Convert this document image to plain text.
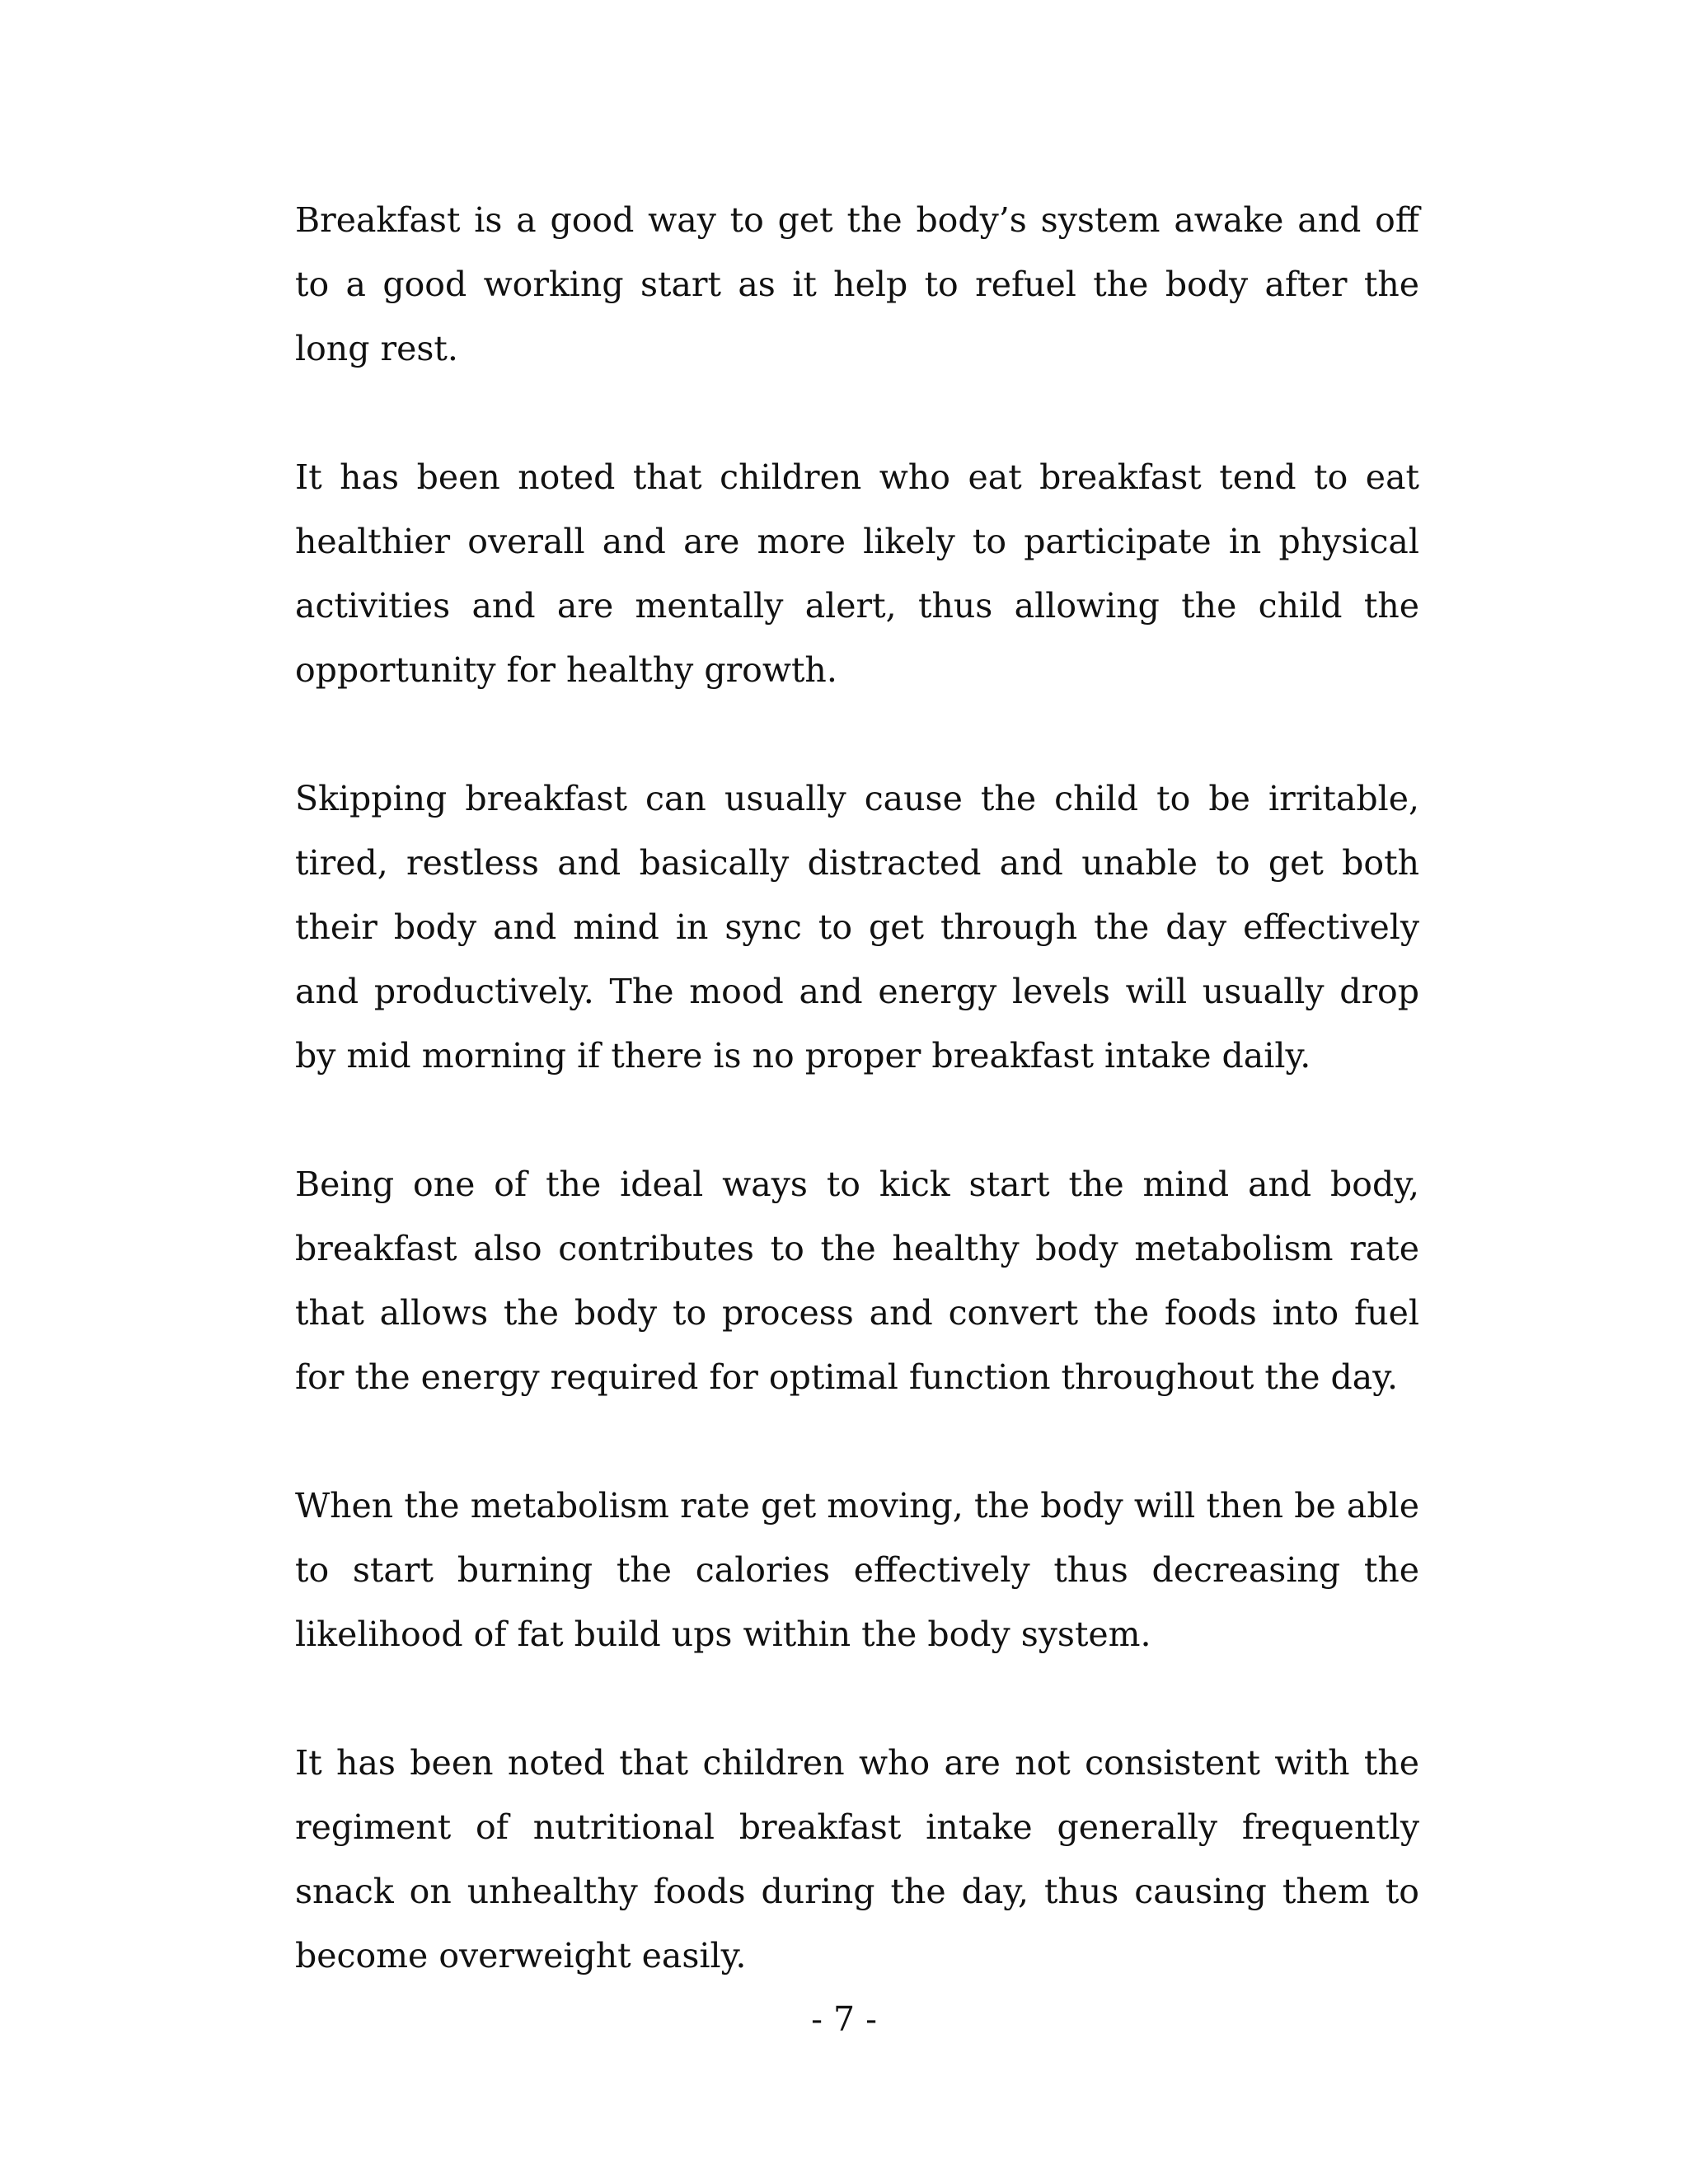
Breakfast is a good way to get the body’s system awake and off to a good working start as it help to refuel the body after the long rest.

It has been noted that children who eat breakfast tend to eat healthier overall and are more likely to participate in physical activities and are mentally alert, thus allowing the child the opportunity for healthy growth.

Skipping breakfast can usually cause the child to be irritable, tired, restless and basically distracted and unable to get both their body and mind in sync to get through the day effectively and productively. The mood and energy levels will usually drop by mid morning if there is no proper breakfast intake daily.

Being one of the ideal ways to kick start the mind and body, breakfast also contributes to the healthy body metabolism rate that allows the body to process and convert the foods into fuel for the energy required for optimal function throughout the day.

When the metabolism rate get moving, the body will then be able to start burning the calories effectively thus decreasing the likelihood of fat build ups within the body system.

It has been noted that children who are not consistent with the regiment of nutritional breakfast intake generally frequently snack on unhealthy foods during the day, thus causing them to become overweight easily.

- 7 -
